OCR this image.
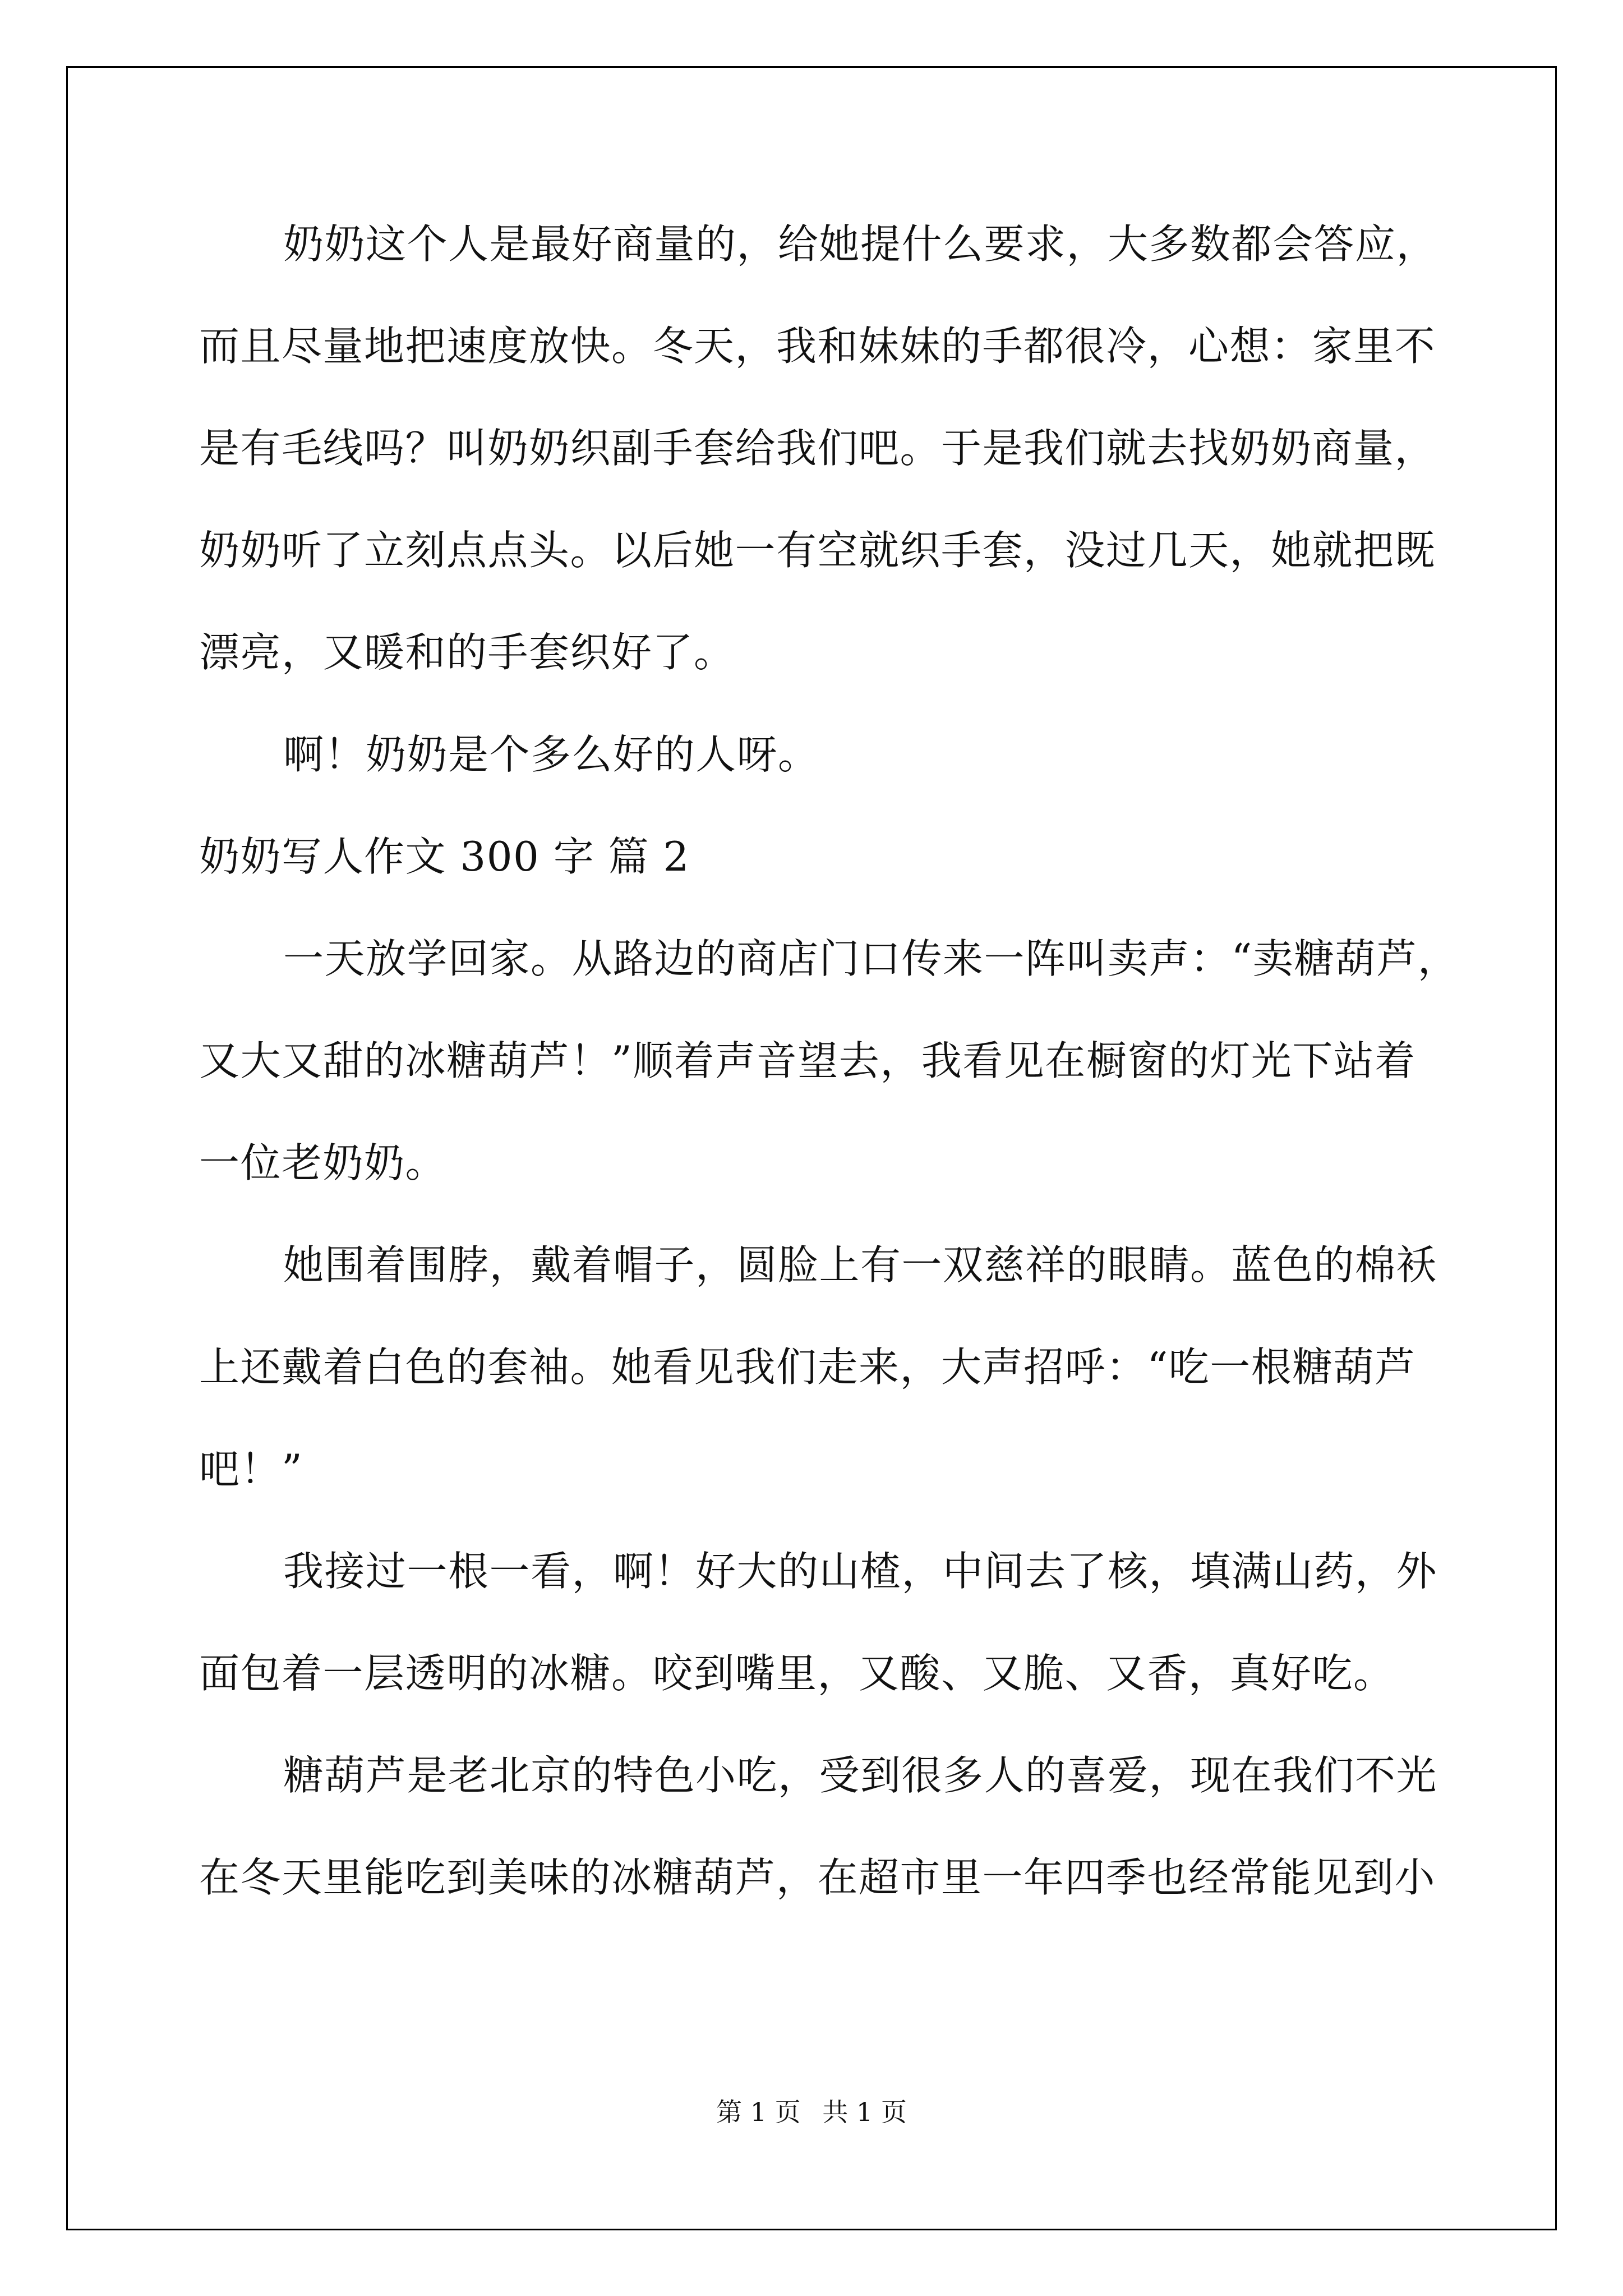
奶奶这个人是最好商量的，给她提什么要求，大多数都会答应，
而且尽量地把速度放快。冬天，我和妹妹的手都很冷，心想：家里不
是有毛线吗？叫奶奶织副手套给我们吧。于是我们就去找奶奶商量，
奶奶听了立刻点点头。以后她一有空就织手套，没过几天，她就把既
漂亮，又暖和的手套织好了。
啊！奶奶是个多么好的人呀。
奶奶写人作文 300 字 篇 2
一天放学回家。从路边的商店门口传来一阵叫卖声：“卖糖葫芦，
又大又甜的冰糖葫芦！”顺着声音望去，我看见在橱窗的灯光下站着
一位老奶奶。
她围着围脖，戴着帽子，圆脸上有一双慈祥的眼睛。蓝色的棉袄
上还戴着白色的套袖。她看见我们走来，大声招呼：“吃一根糖葫芦
吧！”
我接过一根一看，啊！好大的山楂，中间去了核，填满山药，外
面包着一层透明的冰糖。咬到嘴里，又酸、又脆、又香，真好吃。
糖葫芦是老北京的特色小吃，受到很多人的喜爱，现在我们不光
在冬天里能吃到美味的冰糖葫芦，在超市里一年四季也经常能见到小
第 1 页 共 1 页
